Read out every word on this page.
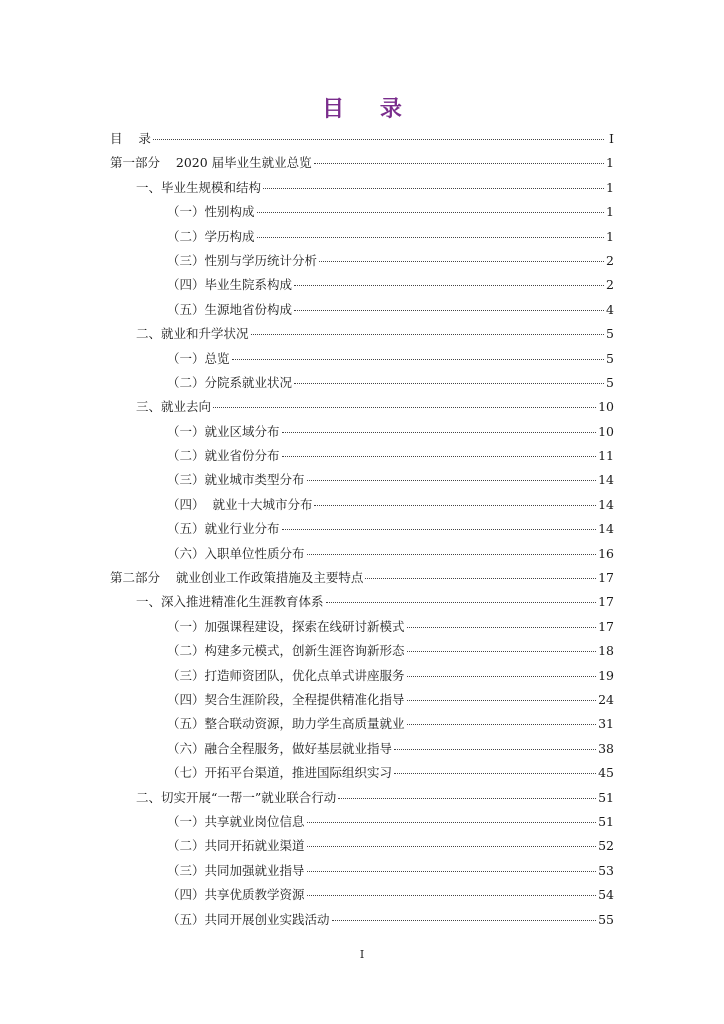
目 录
目    录	I
第一部分    2020 届毕业生就业总览	1
一、毕业生规模和结构	1
（一）性别构成	1
（二）学历构成	1
（三）性别与学历统计分析	2
（四）毕业生院系构成	2
（五）生源地省份构成	4
二、就业和升学状况	5
（一）总览	5
（二）分院系就业状况	5
三、就业去向	10
（一）就业区域分布	10
（二）就业省份分布	11
（三）就业城市类型分布	14
（四）  就业十大城市分布	14
（五）就业行业分布	14
（六）入职单位性质分布	16
第二部分    就业创业工作政策措施及主要特点	17
一、深入推进精准化生涯教育体系	17
（一）加强课程建设，探索在线研讨新模式	17
（二）构建多元模式，创新生涯咨询新形态	18
（三）打造师资团队，优化点单式讲座服务	19
（四）契合生涯阶段，全程提供精准化指导	24
（五）整合联动资源，助力学生高质量就业	31
（六）融合全程服务，做好基层就业指导	38
（七）开拓平台渠道，推进国际组织实习	45
二、切实开展“一帮一”就业联合行动	51
（一）共享就业岗位信息	51
（二）共同开拓就业渠道	52
（三）共同加强就业指导	53
（四）共享优质教学资源	54
（五）共同开展创业实践活动	55
I
